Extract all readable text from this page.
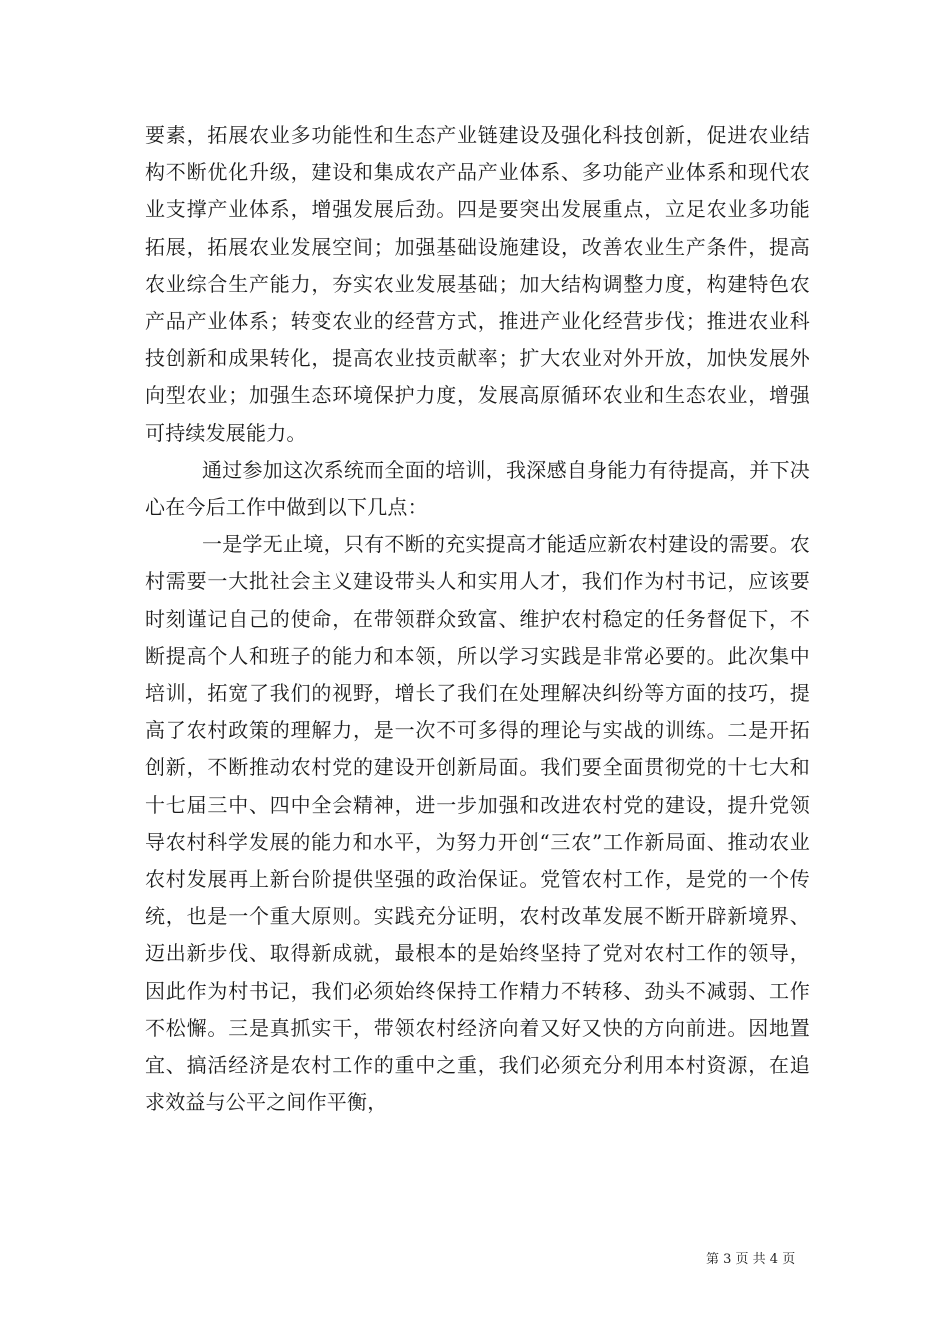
要素，拓展农业多功能性和生态产业链建设及强化科技创新，促进农业结构不断优化升级，建设和集成农产品产业体系、多功能产业体系和现代农业支撑产业体系，增强发展后劲。四是要突出发展重点，立足农业多功能拓展，拓展农业发展空间；加强基础设施建设，改善农业生产条件，提高农业综合生产能力，夯实农业发展基础；加大结构调整力度，构建特色农产品产业体系；转变农业的经营方式，推进产业化经营步伐；推进农业科技创新和成果转化，提高农业技贡献率；扩大农业对外开放，加快发展外向型农业；加强生态环境保护力度，发展高原循环农业和生态农业，增强可持续发展能力。

通过参加这次系统而全面的培训，我深感自身能力有待提高，并下决心在今后工作中做到以下几点：

一是学无止境，只有不断的充实提高才能适应新农村建设的需要。农村需要一大批社会主义建设带头人和实用人才，我们作为村书记，应该要时刻谨记自己的使命，在带领群众致富、维护农村稳定的任务督促下，不断提高个人和班子的能力和本领，所以学习实践是非常必要的。此次集中培训，拓宽了我们的视野，增长了我们在处理解决纠纷等方面的技巧，提高了农村政策的理解力，是一次不可多得的理论与实战的训练。二是开拓创新，不断推动农村党的建设开创新局面。我们要全面贯彻党的十七大和十七届三中、四中全会精神，进一步加强和改进农村党的建设，提升党领导农村科学发展的能力和水平，为努力开创“三农”工作新局面、推动农业农村发展再上新台阶提供坚强的政治保证。党管农村工作，是党的一个传统，也是一个重大原则。实践充分证明，农村改革发展不断开辟新境界、迈出新步伐、取得新成就，最根本的是始终坚持了党对农村工作的领导，因此作为村书记，我们必须始终保持工作精力不转移、劲头不减弱、工作不松懈。三是真抓实干，带领农村经济向着又好又快的方向前进。因地置宜、搞活经济是农村工作的重中之重，我们必须充分利用本村资源，在追求效益与公平之间作平衡，

第 3 页 共 4 页
